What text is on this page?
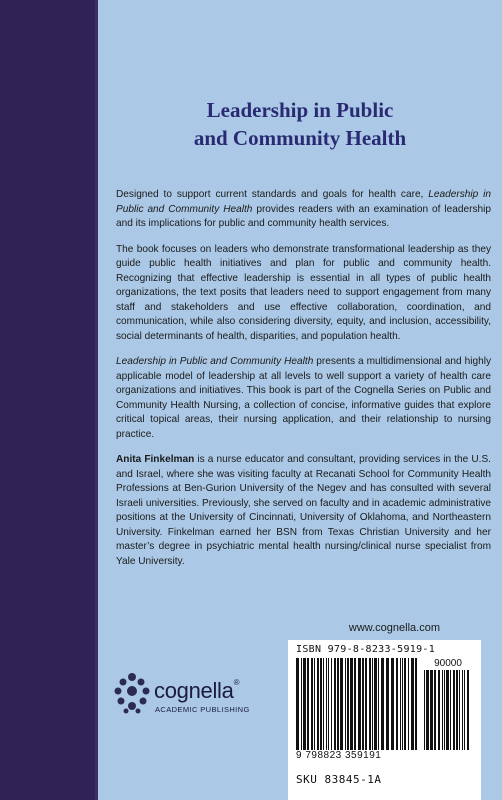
Leadership in Public
and Community Health

Designed to support current standards and goals for health care, Leadership in Public and Community Health provides readers with an examination of leadership and its implications for public and community health services.

The book focuses on leaders who demonstrate transformational leadership as they guide public health initiatives and plan for public and community health. Recognizing that effective leadership is essential in all types of public health organizations, the text posits that leaders need to support engagement from many staff and stakeholders and use effective collaboration, coordination, and communication, while also considering diversity, equity, and inclusion, accessibility, social determinants of health, disparities, and population health.

Leadership in Public and Community Health presents a multidimensional and highly applicable model of leadership at all levels to well support a variety of health care organizations and initiatives. This book is part of the Cognella Series on Public and Community Health Nursing, a collection of concise, informative guides that explore critical topical areas, their nursing application, and their relationship to nursing practice.

Anita Finkelman is a nurse educator and consultant, providing services in the U.S. and Israel, where she was visiting faculty at Recanati School for Community Health Professions at Ben-Gurion University of the Negev and has consulted with several Israeli universities. Previously, she served on faculty and in academic administrative positions at the University of Cincinnati, University of Oklahoma, and Northeastern University. Finkelman earned her BSN from Texas Christian University and her master’s degree in psychiatric mental health nursing/clinical nurse specialist from Yale University.

www.cognella.com
cognella®
ACADEMIC PUBLISHING
ISBN 979-8-8233-5919-1
90000
9 798823 359191
SKU 83845-1A
